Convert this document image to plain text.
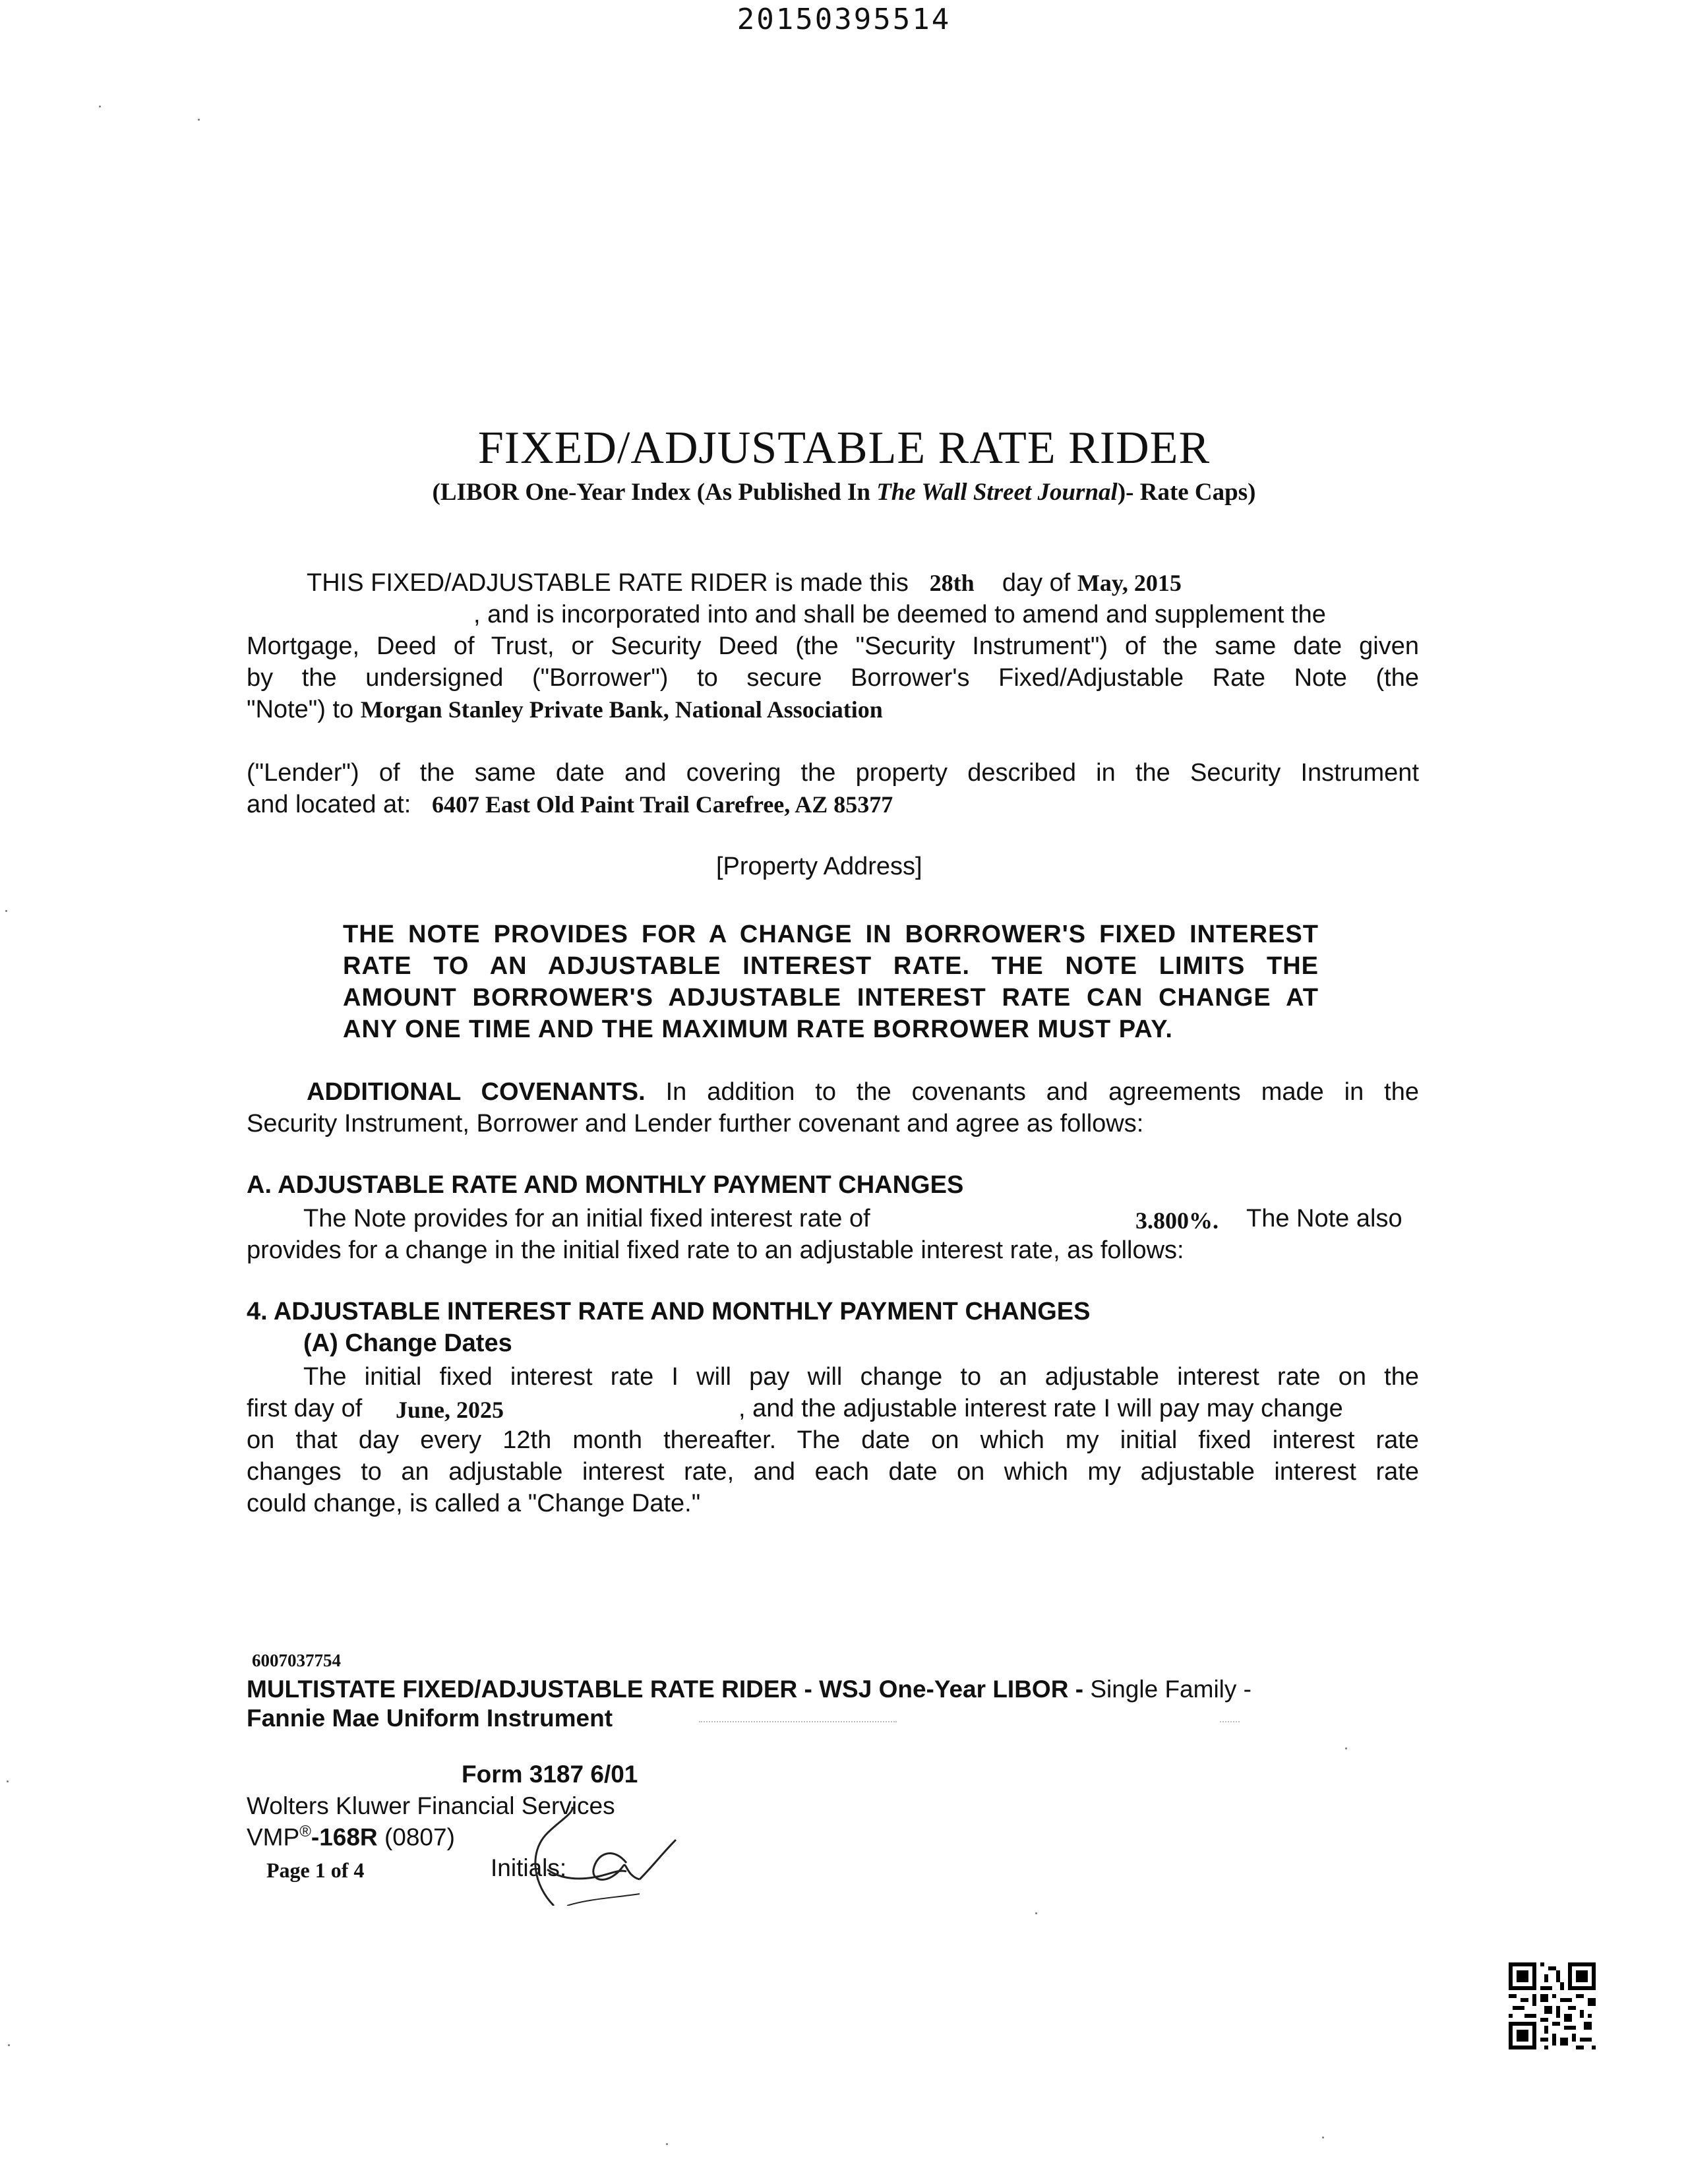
20150395514
FIXED/ADJUSTABLE RATE RIDER
(LIBOR One-Year Index (As Published In The Wall Street Journal)- Rate Caps)
THIS FIXED/ADJUSTABLE RATE RIDER is made this 28th day of May, 2015
, and is incorporated into and shall be deemed to amend and supplement the
Mortgage, Deed of Trust, or Security Deed (the "Security Instrument") of the same date given
by the undersigned ("Borrower") to secure Borrower's Fixed/Adjustable Rate Note (the
"Note") to Morgan Stanley Private Bank, National Association
("Lender") of the same date and covering the property described in the Security Instrument
and located at: 6407 East Old Paint Trail Carefree, AZ 85377
[Property Address]
THE NOTE PROVIDES FOR A CHANGE IN BORROWER'S FIXED INTEREST
RATE TO AN ADJUSTABLE INTEREST RATE. THE NOTE LIMITS THE
AMOUNT BORROWER'S ADJUSTABLE INTEREST RATE CAN CHANGE AT
ANY ONE TIME AND THE MAXIMUM RATE BORROWER MUST PAY.
ADDITIONAL COVENANTS. In addition to the covenants and agreements made in the
Security Instrument, Borrower and Lender further covenant and agree as follows:
A. ADJUSTABLE RATE AND MONTHLY PAYMENT CHANGES
The Note provides for an initial fixed interest rate of	3.800%. The Note also
provides for a change in the initial fixed rate to an adjustable interest rate, as follows:
4. ADJUSTABLE INTEREST RATE AND MONTHLY PAYMENT CHANGES
(A) Change Dates
The initial fixed interest rate I will pay will change to an adjustable interest rate on the
first day of June, 2025	, and the adjustable interest rate I will pay may change
on that day every 12th month thereafter. The date on which my initial fixed interest rate
changes to an adjustable interest rate, and each date on which my adjustable interest rate
could change, is called a "Change Date."
6007037754
MULTISTATE FIXED/ADJUSTABLE RATE RIDER - WSJ One-Year LIBOR - Single Family -
Fannie Mae Uniform Instrument
Form 3187 6/01
Wolters Kluwer Financial Services
VMP®-168R (0807)
Page 1 of 4	Initials:
